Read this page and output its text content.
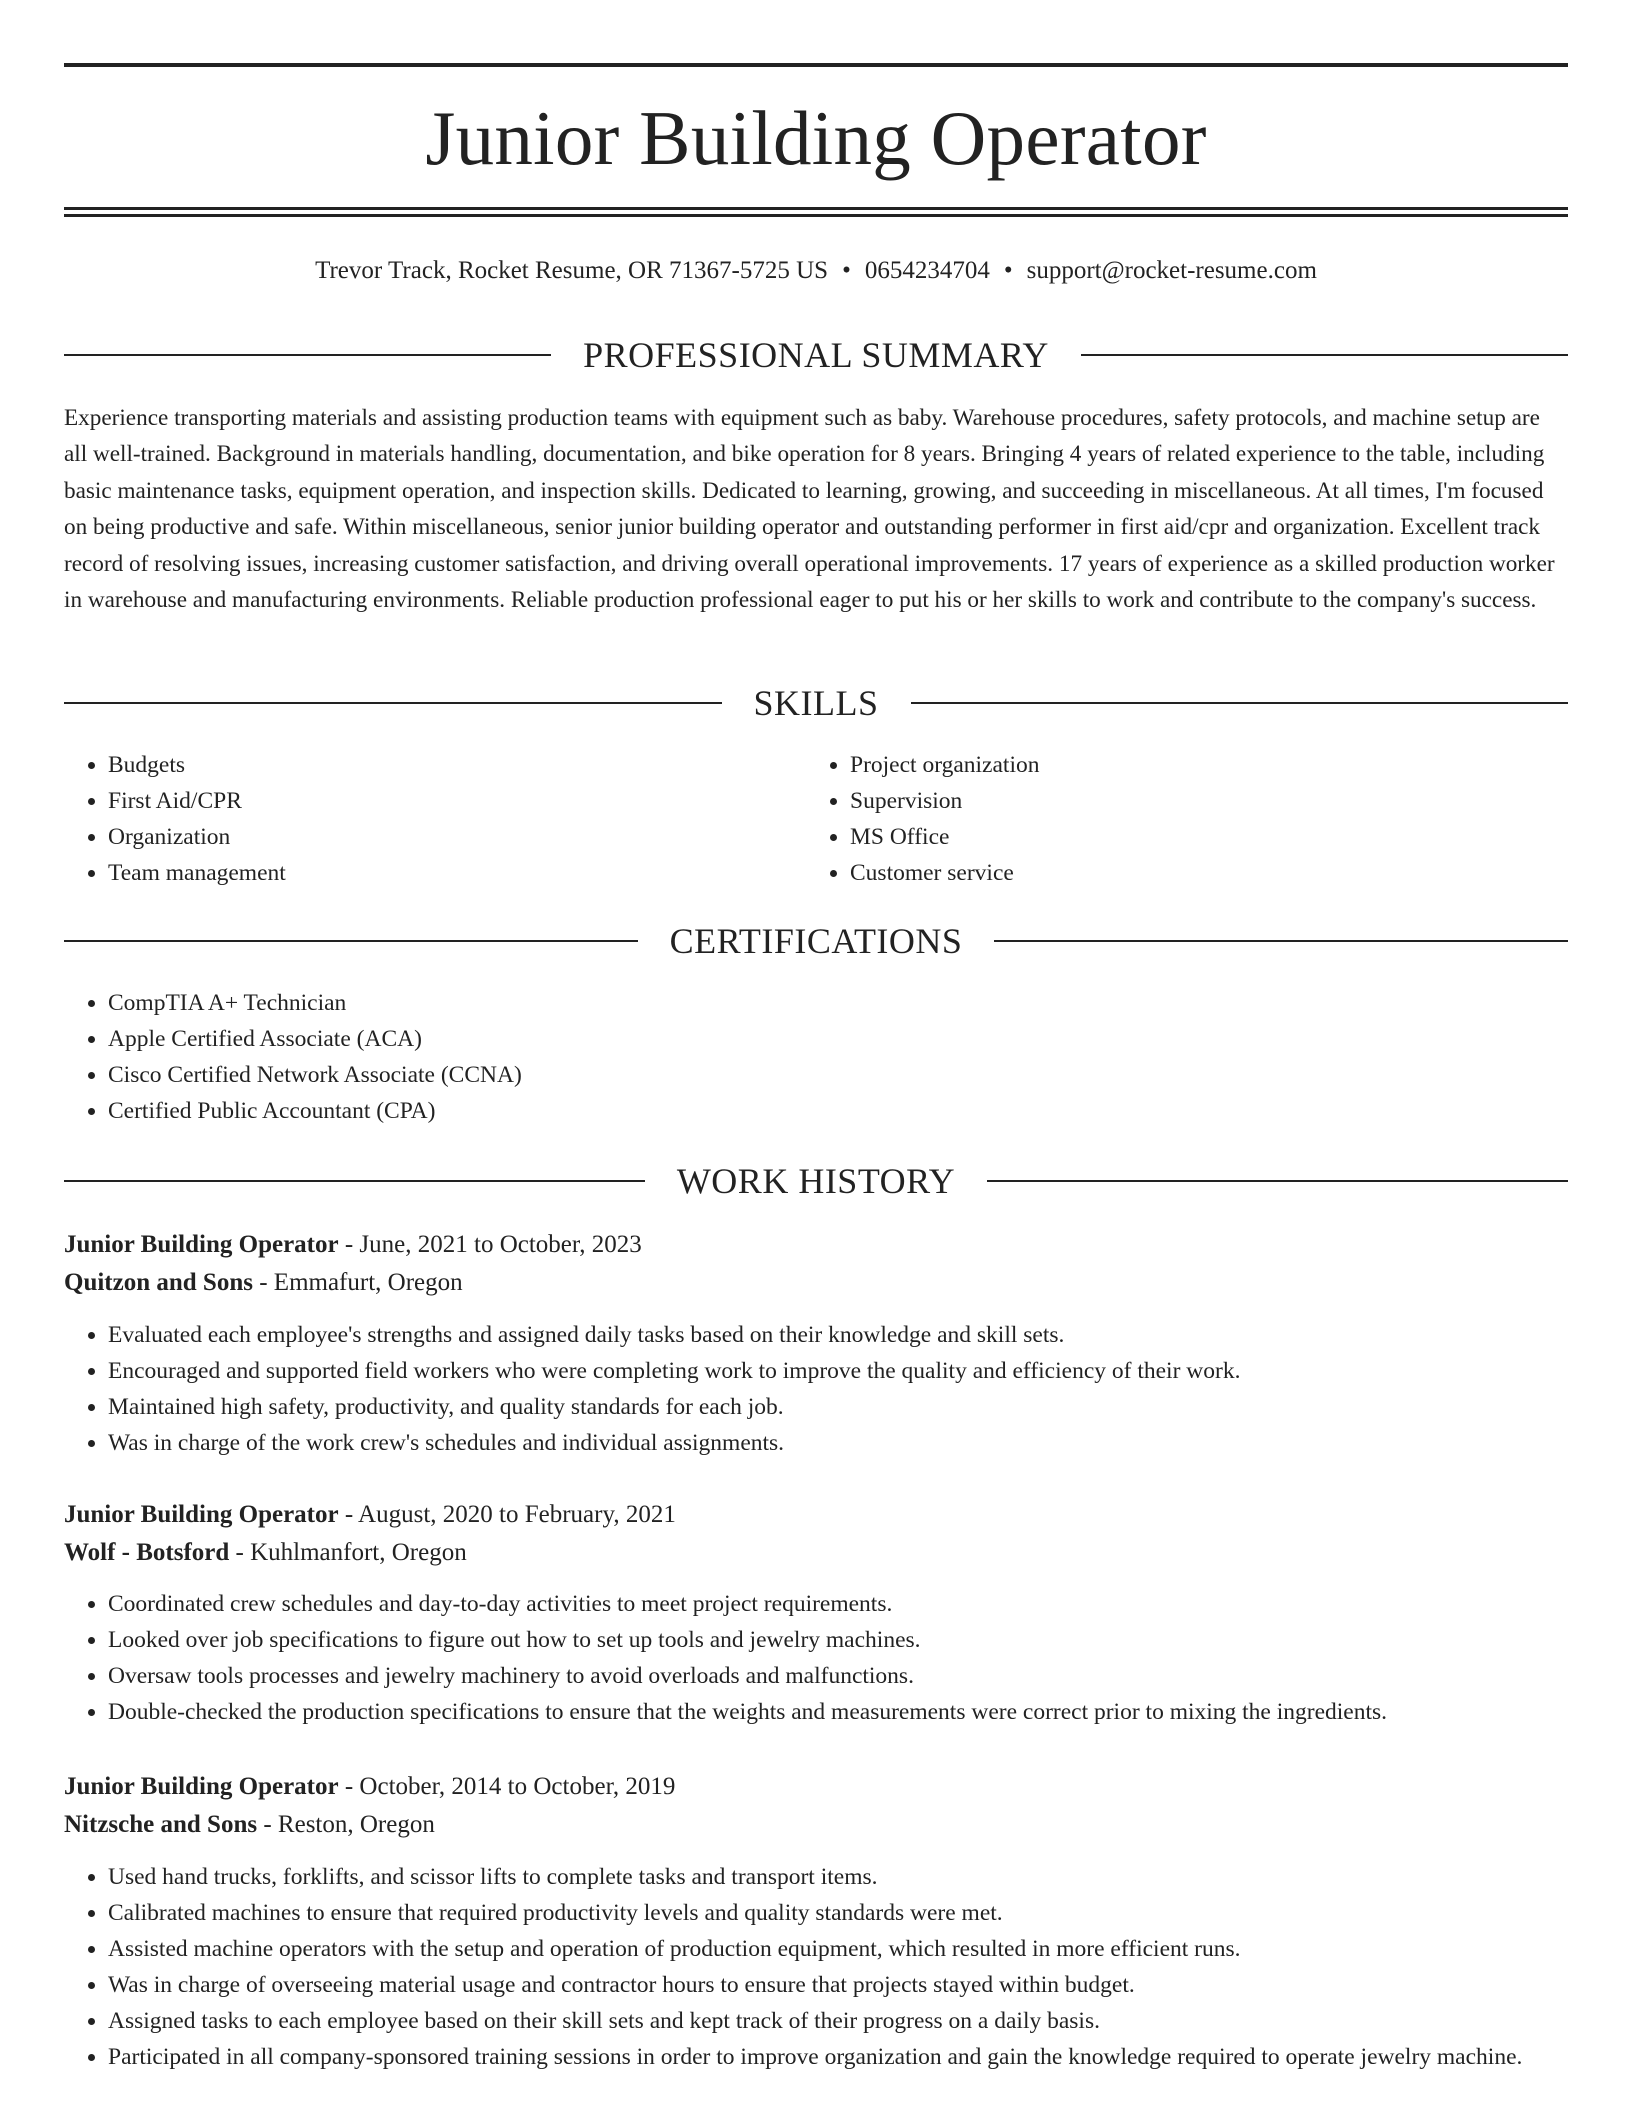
Junior Building Operator
Trevor Track, Rocket Resume, OR 71367-5725 US • 0654234704 • support@rocket-resume.com
PROFESSIONAL SUMMARY

Experience transporting materials and assisting production teams with equipment such as baby. Warehouse procedures, safety protocols, and machine setup are all well-trained. Background in materials handling, documentation, and bike operation for 8 years. Bringing 4 years of related experience to the table, including basic maintenance tasks, equipment operation, and inspection skills. Dedicated to learning, growing, and succeeding in miscellaneous. At all times, I'm focused on being productive and safe. Within miscellaneous, senior junior building operator and outstanding performer in first aid/cpr and organization. Excellent track record of resolving issues, increasing customer satisfaction, and driving overall operational improvements. 17 years of experience as a skilled production worker in warehouse and manufacturing environments. Reliable production professional eager to put his or her skills to work and contribute to the company's success.

SKILLS
• Budgets
• First Aid/CPR
• Organization
• Team management
• Project organization
• Supervision
• MS Office
• Customer service
CERTIFICATIONS
• CompTIA A+ Technician
• Apple Certified Associate (ACA)
• Cisco Certified Network Associate (CCNA)
• Certified Public Accountant (CPA)
WORK HISTORY
Junior Building Operator - June, 2021 to October, 2023
Quitzon and Sons - Emmafurt, Oregon
• Evaluated each employee's strengths and assigned daily tasks based on their knowledge and skill sets.
• Encouraged and supported field workers who were completing work to improve the quality and efficiency of their work.
• Maintained high safety, productivity, and quality standards for each job.
• Was in charge of the work crew's schedules and individual assignments.
Junior Building Operator - August, 2020 to February, 2021
Wolf - Botsford - Kuhlmanfort, Oregon
• Coordinated crew schedules and day-to-day activities to meet project requirements.
• Looked over job specifications to figure out how to set up tools and jewelry machines.
• Oversaw tools processes and jewelry machinery to avoid overloads and malfunctions.
• Double-checked the production specifications to ensure that the weights and measurements were correct prior to mixing the ingredients.
Junior Building Operator - October, 2014 to October, 2019
Nitzsche and Sons - Reston, Oregon
• Used hand trucks, forklifts, and scissor lifts to complete tasks and transport items.
• Calibrated machines to ensure that required productivity levels and quality standards were met.
• Assisted machine operators with the setup and operation of production equipment, which resulted in more efficient runs.
• Was in charge of overseeing material usage and contractor hours to ensure that projects stayed within budget.
• Assigned tasks to each employee based on their skill sets and kept track of their progress on a daily basis.
• Participated in all company-sponsored training sessions in order to improve organization and gain the knowledge required to operate jewelry machine.
